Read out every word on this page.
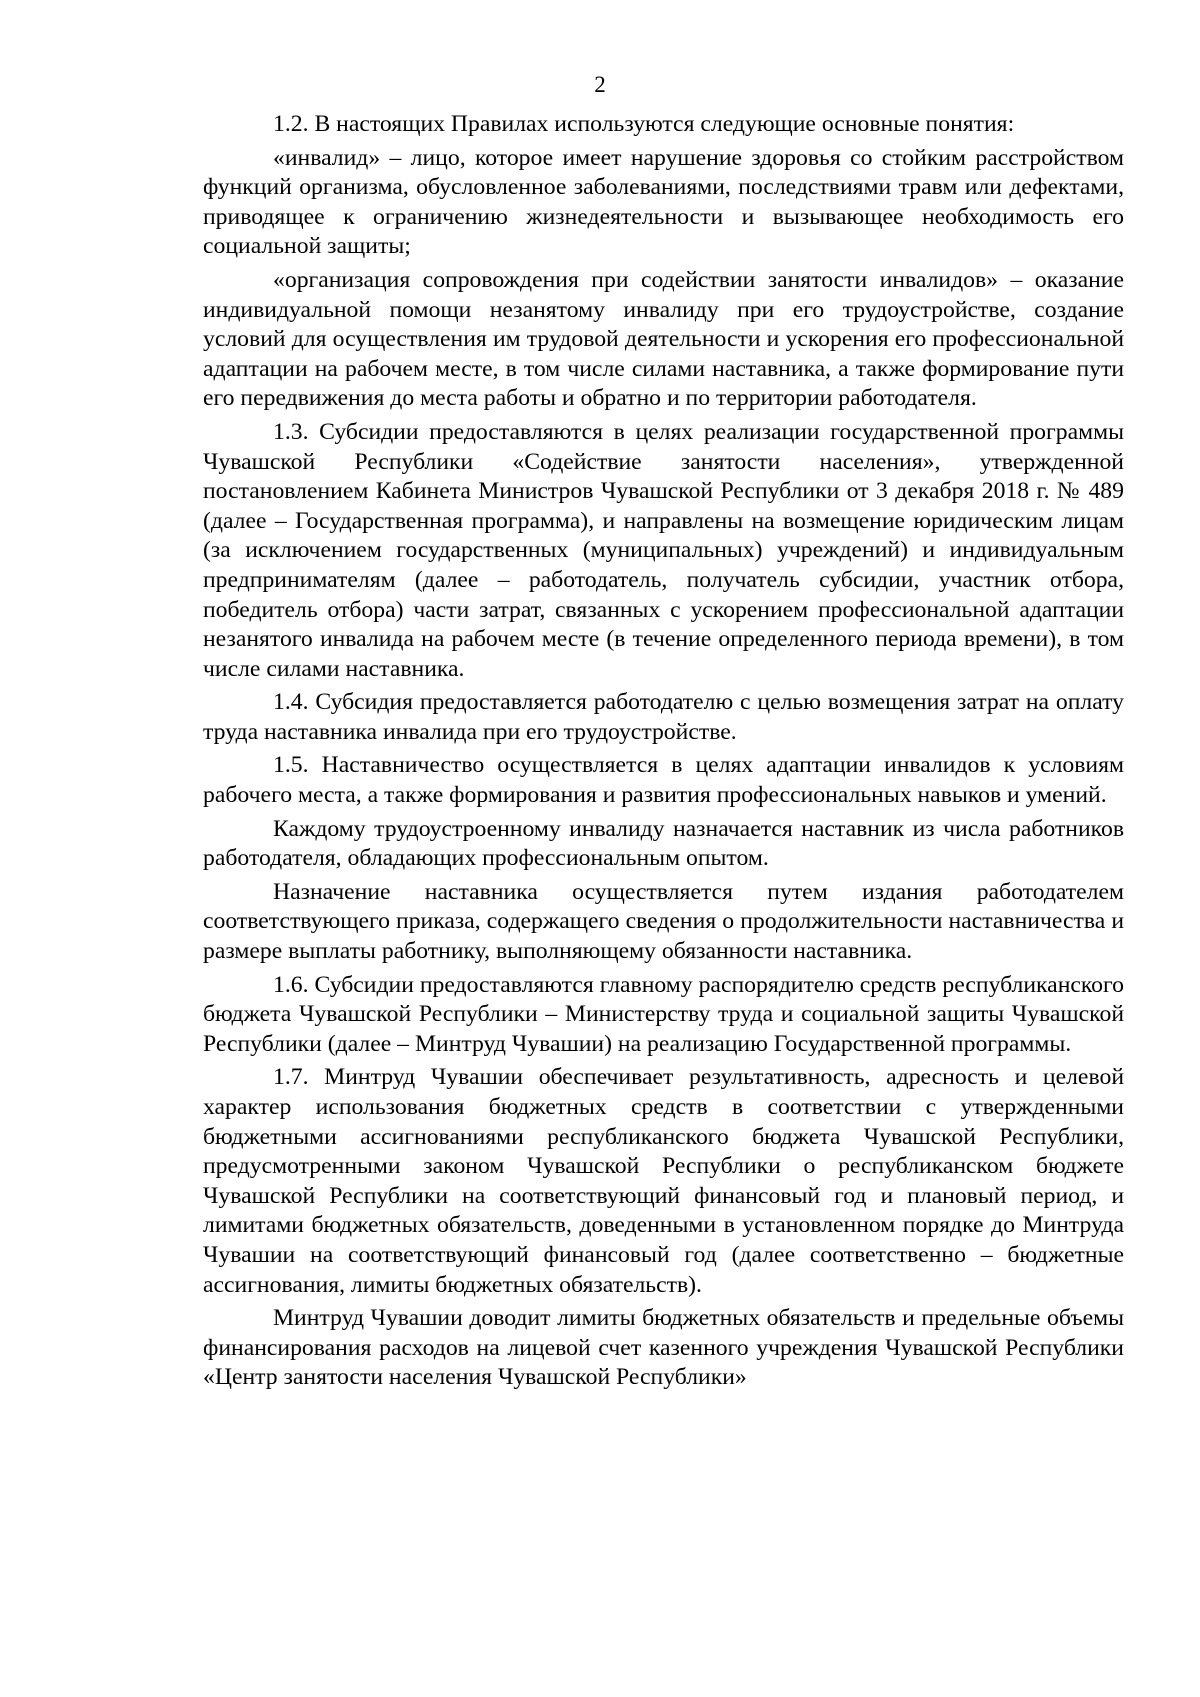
2

1.2. В настоящих Правилах используются следующие основные понятия:

«инвалид» – лицо, которое имеет нарушение здоровья со стойким расстройством функций организма, обусловленное заболеваниями, последствиями травм или дефектами, приводящее к ограничению жизнедеятельности и вызывающее необходимость его социальной защиты;

«организация сопровождения при содействии занятости инвалидов» – оказание индивидуальной помощи незанятому инвалиду при его трудоустройстве, создание условий для осуществления им трудовой деятельности и ускорения его профессиональной адаптации на рабочем месте, в том числе силами наставника, а также формирование пути его передвижения до места работы и обратно и по территории работодателя.

1.3. Субсидии предоставляются в целях реализации государственной программы Чувашской Республики «Содействие занятости населения», утвержденной постановлением Кабинета Министров Чувашской Республики от 3 декабря 2018 г. № 489 (далее – Государственная программа), и направлены на возмещение юридическим лицам (за исключением государственных (муниципальных) учреждений) и индивидуальным предпринимателям (далее – работодатель, получатель субсидии, участник отбора, победитель отбора) части затрат, связанных с ускорением профессиональной адаптации незанятого инвалида на рабочем месте (в течение определенного периода времени), в том числе силами наставника.

1.4. Субсидия предоставляется работодателю с целью возмещения затрат на оплату труда наставника инвалида при его трудоустройстве.

1.5. Наставничество осуществляется в целях адаптации инвалидов к условиям рабочего места, а также формирования и развития профессиональных навыков и умений.

Каждому трудоустроенному инвалиду назначается наставник из числа работников работодателя, обладающих профессиональным опытом.

Назначение наставника осуществляется путем издания работодателем соответствующего приказа, содержащего сведения о продолжительности наставничества и размере выплаты работнику, выполняющему обязанности наставника.

1.6. Субсидии предоставляются главному распорядителю средств республиканского бюджета Чувашской Республики – Министерству труда и социальной защиты Чувашской Республики (далее – Минтруд Чувашии) на реализацию Государственной программы.

1.7. Минтруд Чувашии обеспечивает результативность, адресность и целевой характер использования бюджетных средств в соответствии с утвержденными бюджетными ассигнованиями республиканского бюджета Чувашской Республики, предусмотренными законом Чувашской Республики о республиканском бюджете Чувашской Республики на соответствующий финансовый год и плановый период, и лимитами бюджетных обязательств, доведенными в установленном порядке до Минтруда Чувашии на соответствующий финансовый год (далее соответственно – бюджетные ассигнования, лимиты бюджетных обязательств).

Минтруд Чувашии доводит лимиты бюджетных обязательств и предельные объемы финансирования расходов на лицевой счет казенного учреждения Чувашской Республики «Центр занятости населения Чувашской Республики»
